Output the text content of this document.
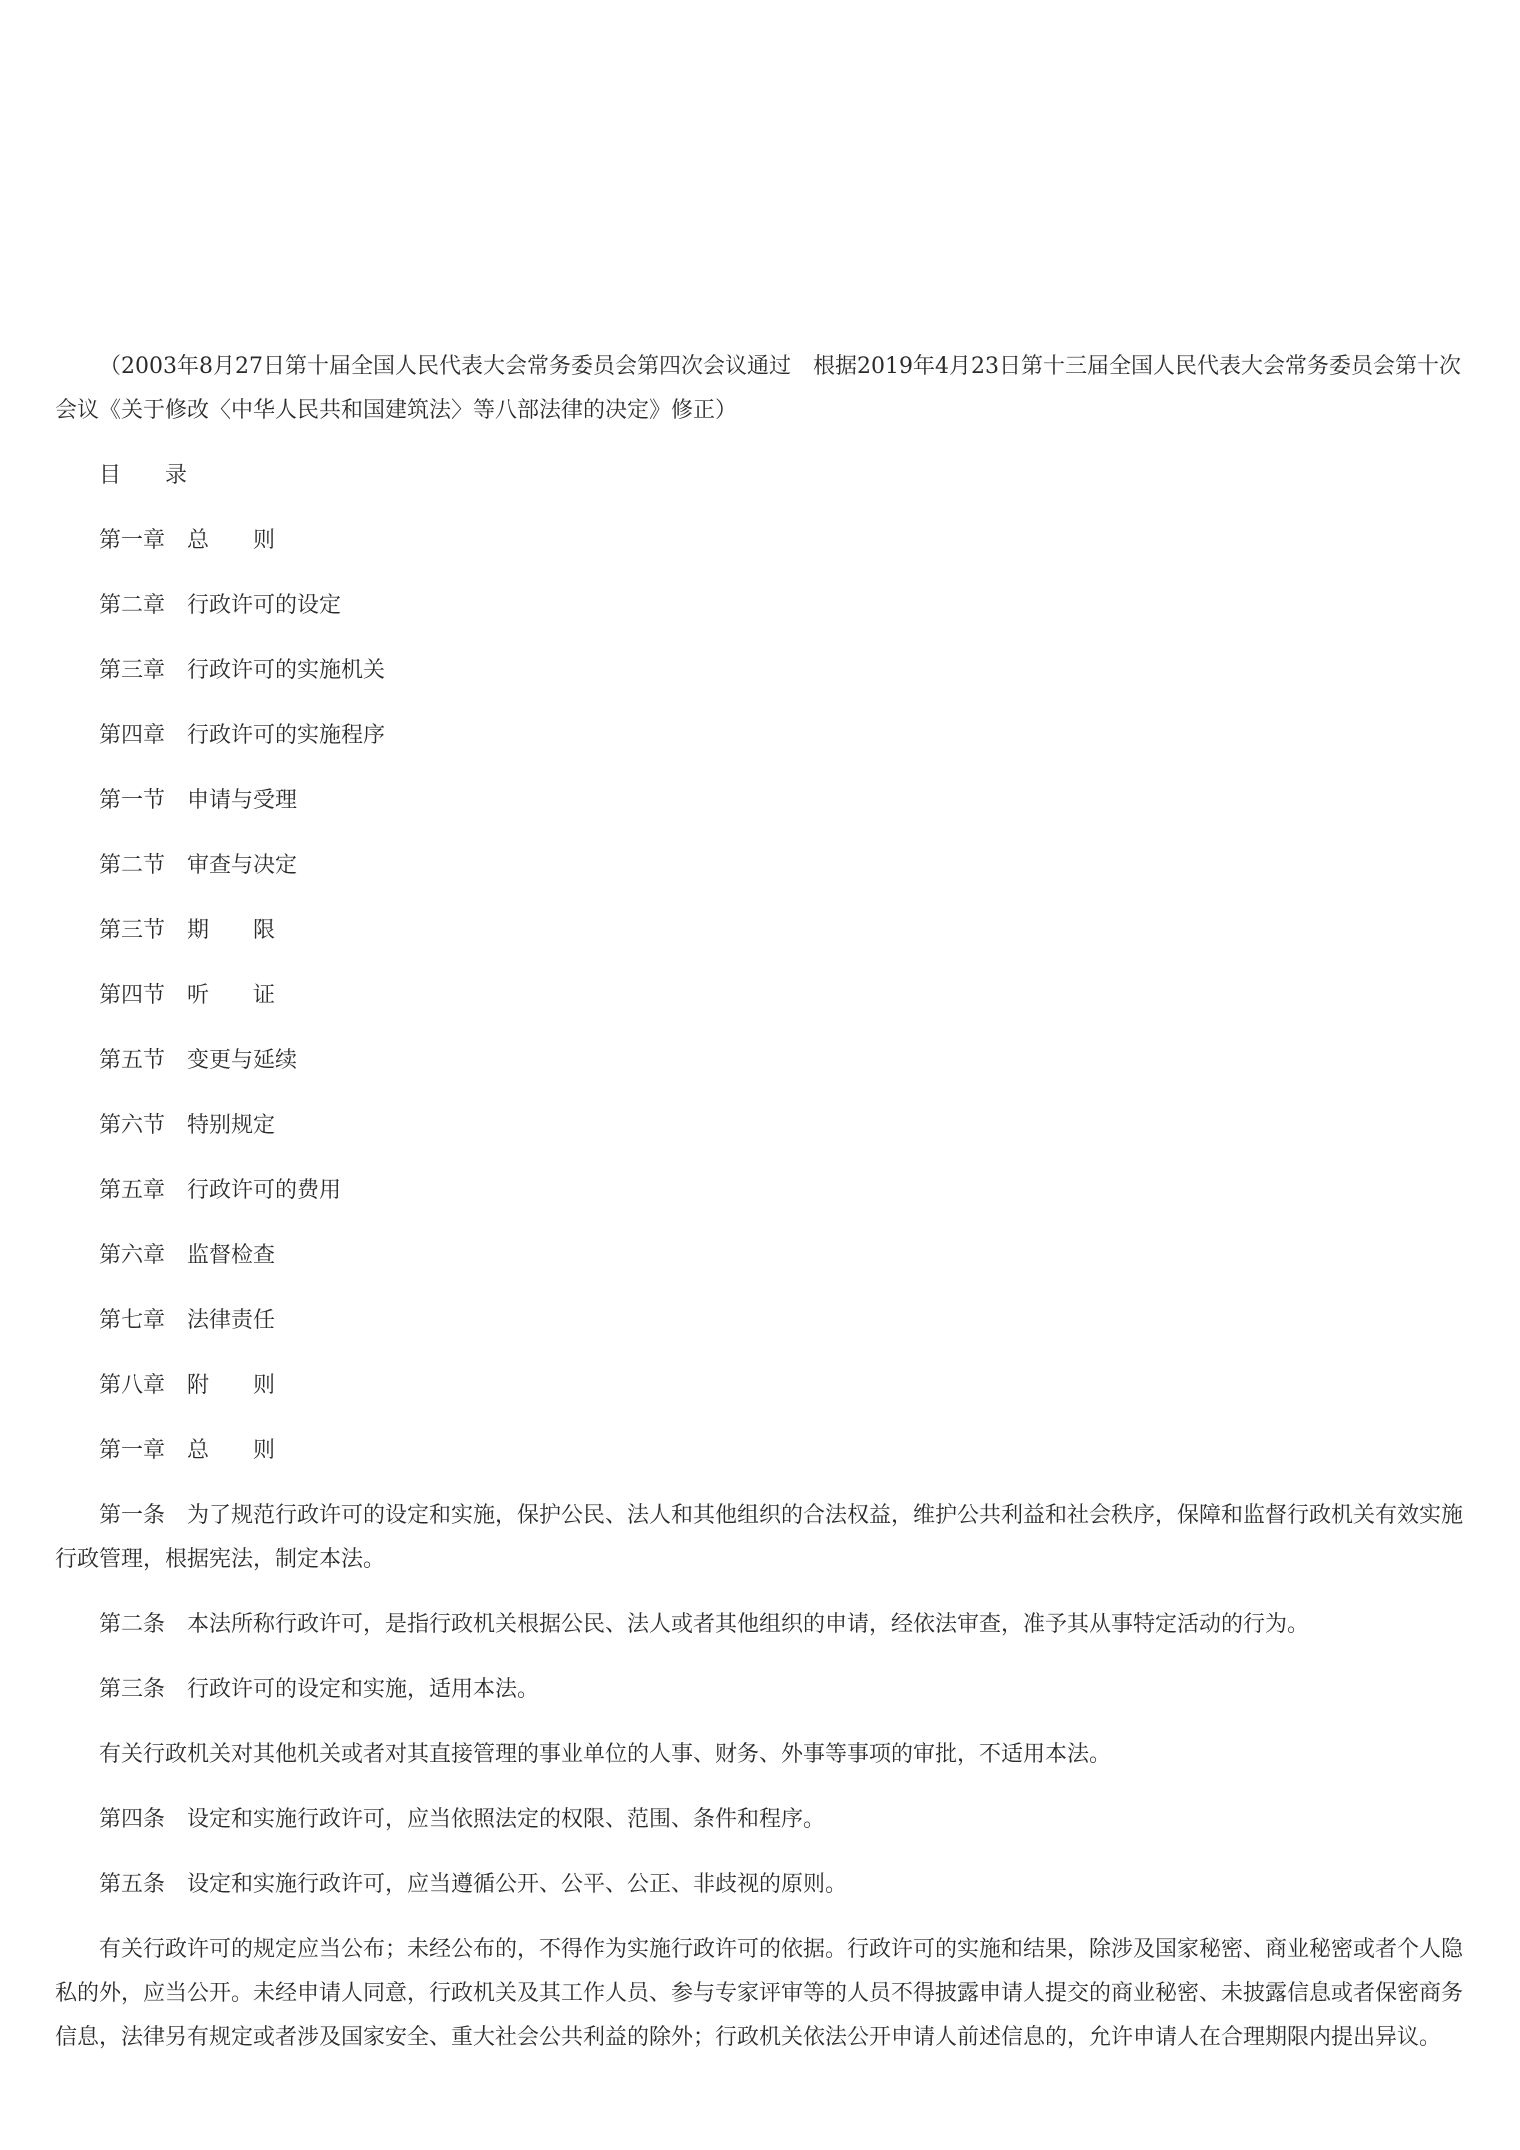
（2003年8月27日第十届全国人民代表大会常务委员会第四次会议通过　根据2019年4月23日第十三届全国人民代表大会常务委员会第十次会议《关于修改〈中华人民共和国建筑法〉等八部法律的决定》修正）

目　　录

第一章　总　　则

第二章　行政许可的设定

第三章　行政许可的实施机关

第四章　行政许可的实施程序

第一节　申请与受理

第二节　审查与决定

第三节　期　　限

第四节　听　　证

第五节　变更与延续

第六节　特别规定

第五章　行政许可的费用

第六章　监督检查

第七章　法律责任

第八章　附　　则

第一章　总　　则

第一条　为了规范行政许可的设定和实施，保护公民、法人和其他组织的合法权益，维护公共利益和社会秩序，保障和监督行政机关有效实施行政管理，根据宪法，制定本法。

第二条　本法所称行政许可，是指行政机关根据公民、法人或者其他组织的申请，经依法审查，准予其从事特定活动的行为。

第三条　行政许可的设定和实施，适用本法。

有关行政机关对其他机关或者对其直接管理的事业单位的人事、财务、外事等事项的审批，不适用本法。

第四条　设定和实施行政许可，应当依照法定的权限、范围、条件和程序。

第五条　设定和实施行政许可，应当遵循公开、公平、公正、非歧视的原则。

有关行政许可的规定应当公布；未经公布的，不得作为实施行政许可的依据。行政许可的实施和结果，除涉及国家秘密、商业秘密或者个人隐私的外，应当公开。未经申请人同意，行政机关及其工作人员、参与专家评审等的人员不得披露申请人提交的商业秘密、未披露信息或者保密商务信息，法律另有规定或者涉及国家安全、重大社会公共利益的除外；行政机关依法公开申请人前述信息的，允许申请人在合理期限内提出异议。
